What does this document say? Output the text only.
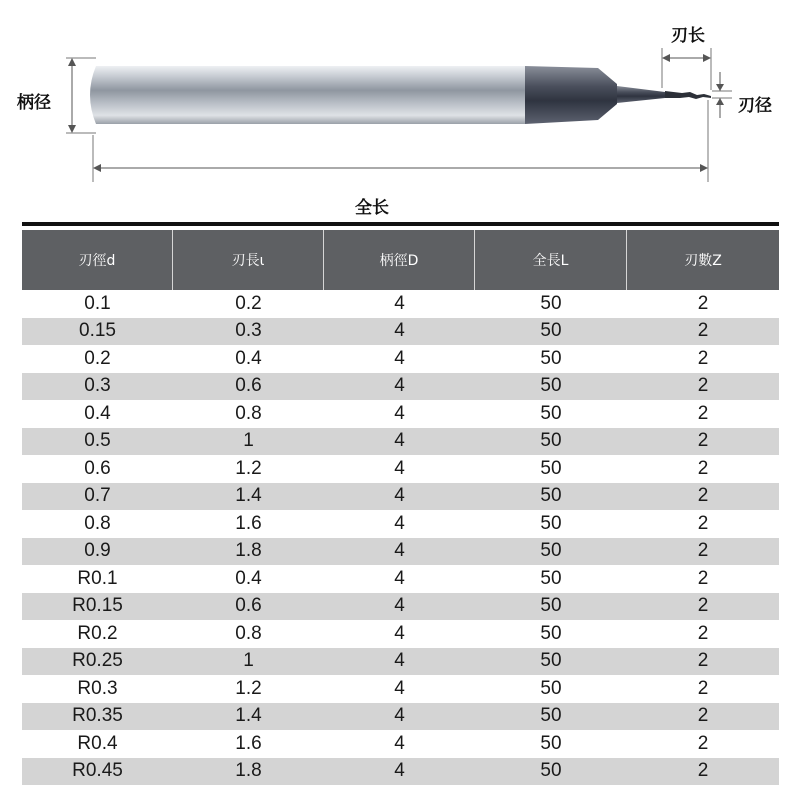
柄径
刃长
刃径
全长
刃徑d	刃長ι	柄徑D	全長L	刃數Z
0.1	0.2	4	50	2
0.15	0.3	4	50	2
0.2	0.4	4	50	2
0.3	0.6	4	50	2
0.4	0.8	4	50	2
0.5	1	4	50	2
0.6	1.2	4	50	2
0.7	1.4	4	50	2
0.8	1.6	4	50	2
0.9	1.8	4	50	2
R0.1	0.4	4	50	2
R0.15	0.6	4	50	2
R0.2	0.8	4	50	2
R0.25	1	4	50	2
R0.3	1.2	4	50	2
R0.35	1.4	4	50	2
R0.4	1.6	4	50	2
R0.45	1.8	4	50	2
